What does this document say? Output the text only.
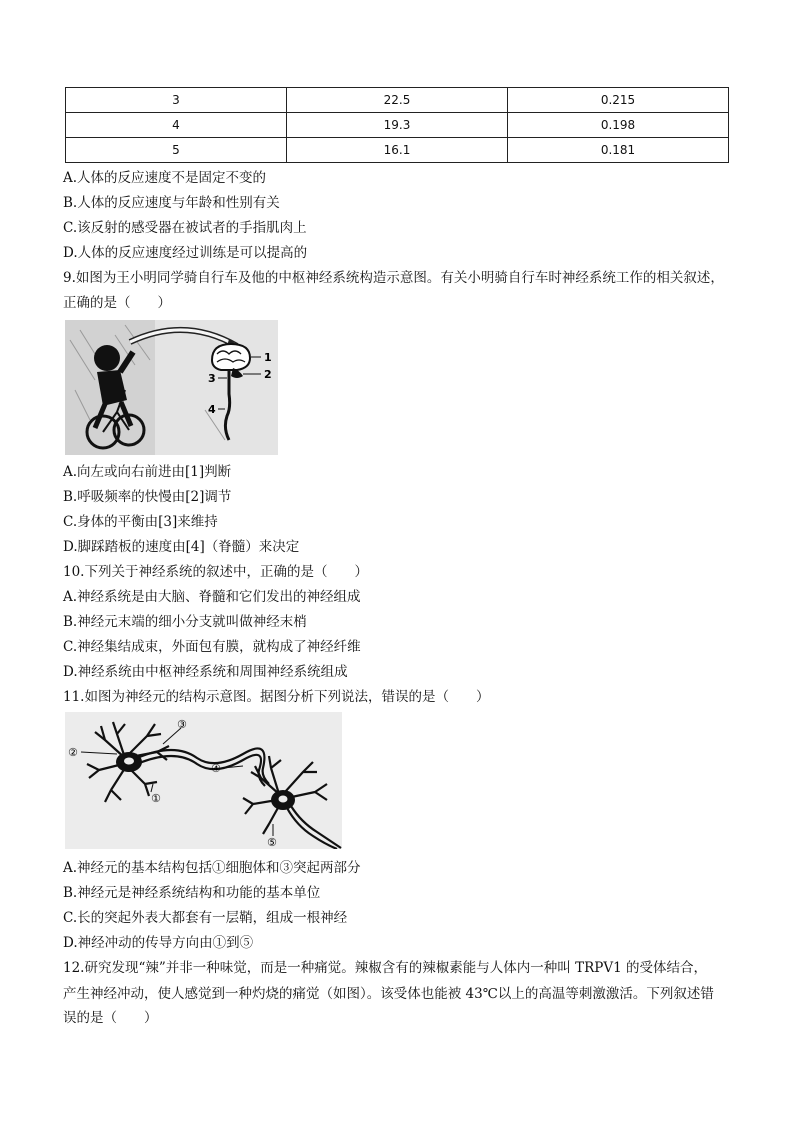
3	22.5	0.215
4	19.3	0.198
5	16.1	0.181
A.人体的反应速度不是固定不变的
B.人体的反应速度与年龄和性别有关
C.该反射的感受器在被试者的手指肌肉上
D.人体的反应速度经过训练是可以提高的
9.如图为王小明同学骑自行车及他的中枢神经系统构造示意图。有关小明骑自行车时神经系统工作的相关叙述，
正确的是（　　）
1
2
3
4
A.向左或向右前进由[1]判断
B.呼吸频率的快慢由[2]调节
C.身体的平衡由[3]来维持
D.脚踩踏板的速度由[4]（脊髓）来决定
10.下列关于神经系统的叙述中，正确的是（　　）
A.神经系统是由大脑、脊髓和它们发出的神经组成
B.神经元末端的细小分支就叫做神经末梢
C.神经集结成束，外面包有膜，就构成了神经纤维
D.神经系统由中枢神经系统和周围神经系统组成
11.如图为神经元的结构示意图。据图分析下列说法，错误的是（　　）
①
②
③
④
⑤
A.神经元的基本结构包括①细胞体和③突起两部分
B.神经元是神经系统结构和功能的基本单位
C.长的突起外表大都套有一层鞘，组成一根神经
D.神经冲动的传导方向由①到⑤
12.研究发现“辣”并非一种味觉，而是一种痛觉。辣椒含有的辣椒素能与人体内一种叫 TRPV1 的受体结合，
产生神经冲动，使人感觉到一种灼烧的痛觉（如图）。该受体也能被 43℃以上的高温等刺激激活。下列叙述错
误的是（　　）
